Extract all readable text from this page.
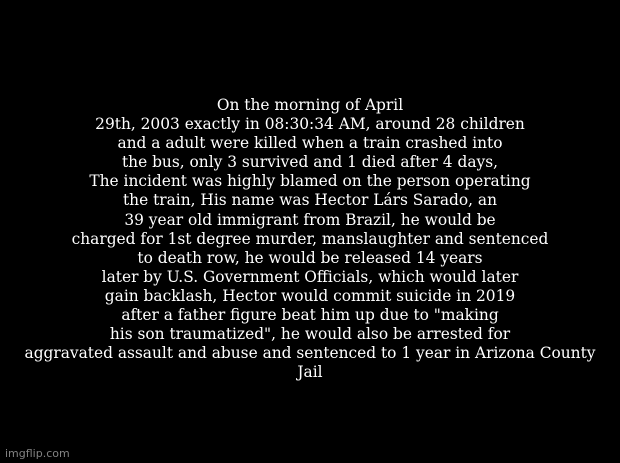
On the morning of April
29th, 2003 exactly in 08:30:34 AM, around 28 children
and a adult were killed when a train crashed into
the bus, only 3 survived and 1 died after 4 days,
The incident was highly blamed on the person operating
the train, His name was Hector Lárs Sarado, an
39 year old immigrant from Brazil, he would be
charged for 1st degree murder, manslaughter and sentenced
to death row, he would be released 14 years
later by U.S. Government Officials, which would later
gain backlash, Hector would commit suicide in 2019
after a father figure beat him up due to "making
his son traumatized", he would also be arrested for
aggravated assault and abuse and sentenced to 1 year in Arizona County Jail

imgflip.com
